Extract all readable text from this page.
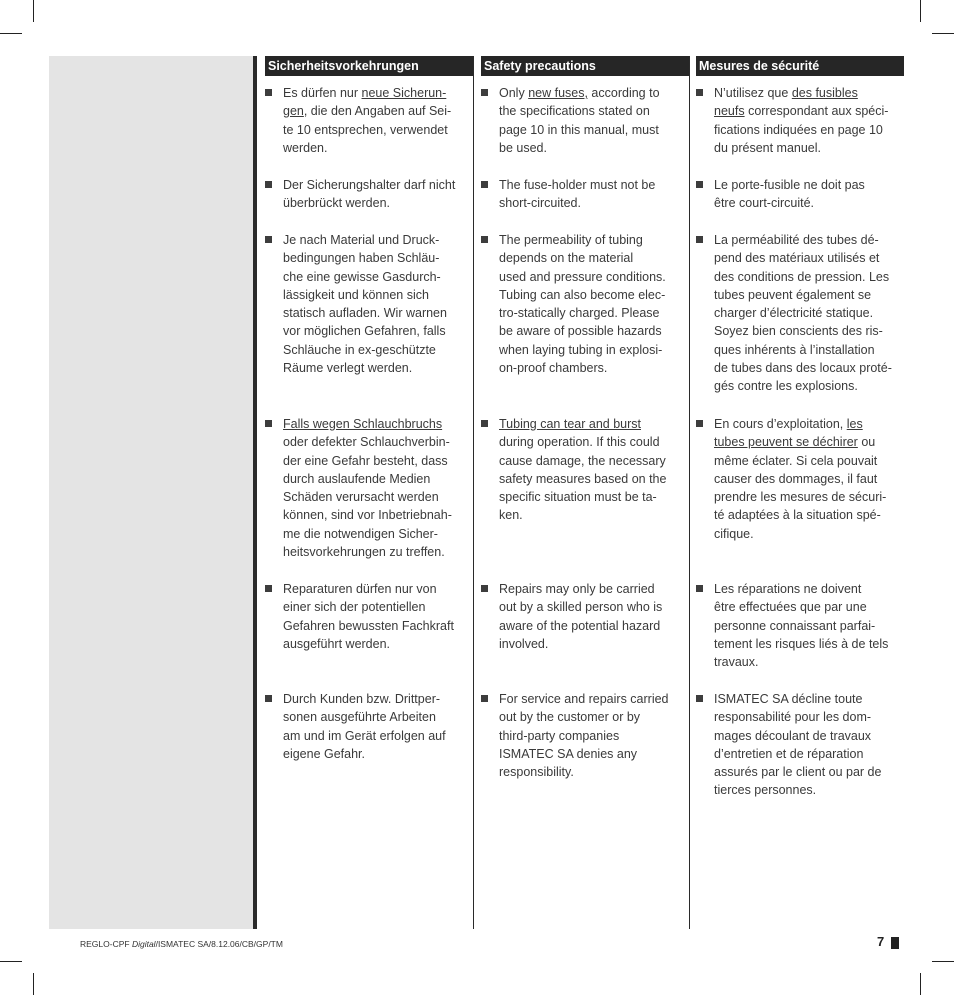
Sicherheitsvorkehrungen
Es dürfen nur neue Sicherun-
gen, die den Angaben auf Sei-
te 10 entsprechen, verwendet
werden.
Der Sicherungshalter darf nicht
überbrückt werden.
Je nach Material und Druck-
bedingungen haben Schläu-
che eine gewisse Gasdurch-
lässigkeit und können sich
statisch aufladen. Wir warnen
vor möglichen Gefahren, falls
Schläuche in ex-geschützte
Räume verlegt werden.
Falls wegen Schlauchbruchs
oder defekter Schlauchverbin-
der eine Gefahr besteht, dass
durch auslaufende Medien
Schäden verursacht werden
können, sind vor Inbetriebnah-
me die notwendigen Sicher-
heitsvorkehrungen zu treffen.
Reparaturen dürfen nur von
einer sich der potentiellen
Gefahren bewussten Fachkraft
ausgeführt werden.
Durch Kunden bzw. Drittper-
sonen ausgeführte Arbeiten
am und im Gerät erfolgen auf
eigene Gefahr.
Safety precautions
Only new fuses, according to
the specifications stated on
page 10 in this manual, must
be used.
The fuse-holder must not be
short-circuited.
The permeability of tubing
depends on the material
used and pressure conditions.
Tubing can also become elec-
tro-statically charged. Please
be aware of possible hazards
when laying tubing in explosi-
on-proof chambers.
Tubing can tear and burst
during operation. If this could
cause damage, the necessary
safety measures based on the
specific situation must be ta-
ken.
Repairs may only be carried
out by a skilled person who is
aware of the potential hazard
involved.
For service and repairs carried
out by the customer or by
third-party companies
ISMATEC SA denies any
responsibility.
Mesures de sécurité
N’utilisez que des fusibles
neufs correspondant aux spéci-
fications indiquées en page 10
du présent manuel.
Le porte-fusible ne doit pas
être court-circuité.
La perméabilité des tubes dé-
pend des matériaux utilisés et
des conditions de pression. Les
tubes peuvent également se
charger d’électricité statique.
Soyez bien conscients des ris-
ques inhérents à l’installation
de tubes dans des locaux proté-
gés contre les explosions.
En cours d’exploitation, les
tubes peuvent se déchirer ou
même éclater. Si cela pouvait
causer des dommages, il faut
prendre les mesures de sécuri-
té adaptées à la situation spé-
cifique.
Les réparations ne doivent
être effectuées que par une
personne connaissant parfai-
tement les risques liés à de tels
travaux.
ISMATEC SA décline toute
responsabilité pour les dom-
mages découlant de travaux
d’entretien et de réparation
assurés par le client ou par de
tierces personnes.
REGLO-CPF Digital/ISMATEC SA/8.12.06/CB/GP/TM	7
